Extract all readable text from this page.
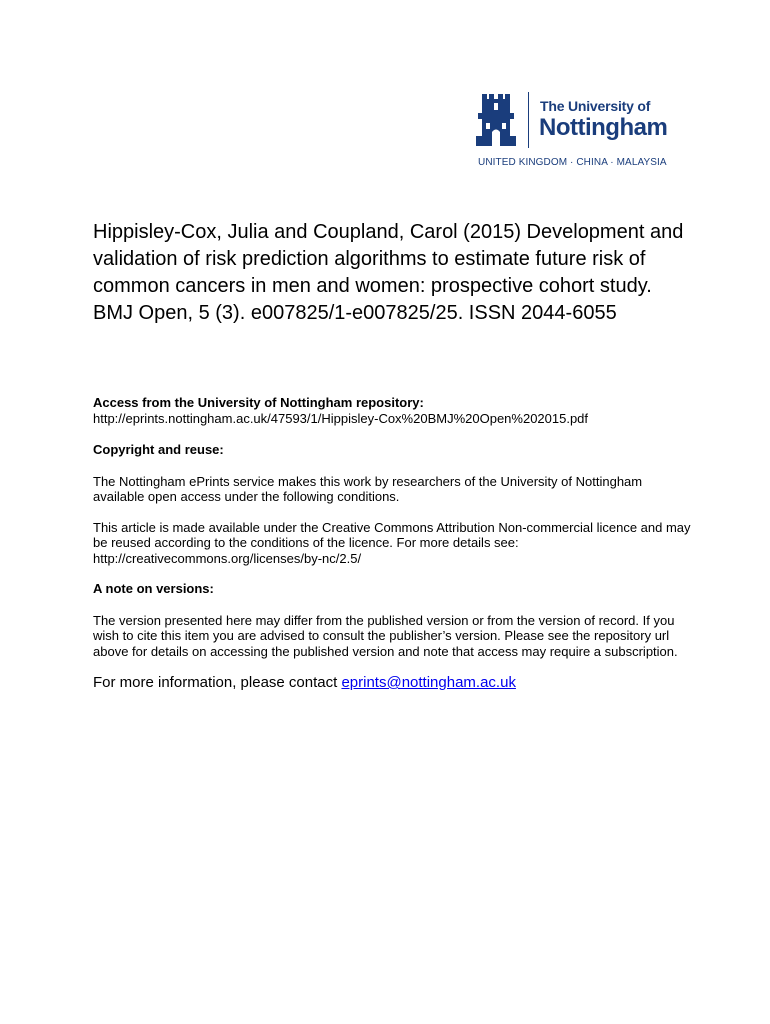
The University of
Nottingham
UNITED KINGDOM · CHINA · MALAYSIA
Hippisley-Cox, Julia and Coupland, Carol (2015) Development and validation of risk prediction algorithms to estimate future risk of common cancers in men and women: prospective cohort study. BMJ Open, 5 (3). e007825/1-e007825/25. ISSN 2044-6055

Access from the University of Nottingham repository:

http://eprints.nottingham.ac.uk/47593/1/Hippisley-Cox%20BMJ%20Open%202015.pdf

Copyright and reuse:

The Nottingham ePrints service makes this work by researchers of the University of Nottingham available open access under the following conditions.

This article is made available under the Creative Commons Attribution Non-commercial licence and may be reused according to the conditions of the licence. For more details see: http://creativecommons.org/licenses/by-nc/2.5/

A note on versions:

The version presented here may differ from the published version or from the version of record. If you wish to cite this item you are advised to consult the publisher’s version. Please see the repository url above for details on accessing the published version and note that access may require a subscription.

For more information, please contact eprints@nottingham.ac.uk
